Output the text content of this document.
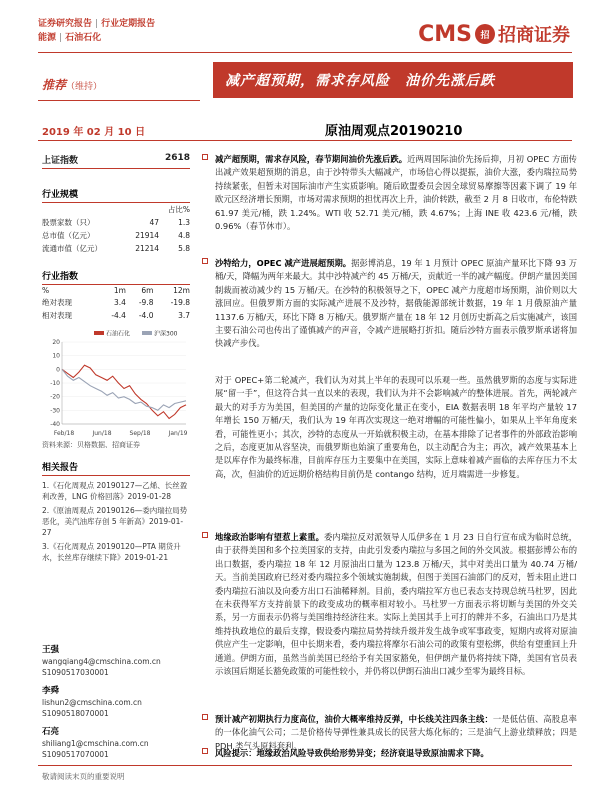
证券研究报告 | 行业定期报告
能源 | 石油石化	CMS 招 招商证券
推荐（维持）	减产超预期，需求存风险　油价先涨后跌
2019 年 02 月 10 日	原油周观点20190210
上证指数	2618
行业规模
		占比%
股票家数（只）	47	1.3
总市值（亿元）	21914	4.8
流通市值（亿元）	21214	5.8
行业指数
%	1m	6m	12m
绝对表现	3.4	-9.8	-19.8
相对表现	-4.4	-4.0	3.7
20
10
0
-10
-20
-30
-40
Feb/18	Jun/18	Sep/18	Jan/19
石油石化	沪深300
资料来源：贝格数据、招商证券
相关报告
1.《石化周观点 20190127—乙烯、长丝盈利改善，LNG 价格回落》2019-01-28
2.《原油周观点 20190126—委内瑞拉局势恶化，美汽油库存创 5 年新高》2019-01-27
3.《石化周观点 20190120—PTA 期货升水，长丝库存继续下降》2019-01-21
王强
wangqiang4@cmschina.com.cn
S1090517030001
李舜
lishun2@cmschina.com.cn
S1090518070001
石亮
shiliang1@cmschina.com.cn
S1090517070001
减产超预期，需求存风险，春节期间油价先涨后跌。近两周国际油价先扬后抑，月初 OPEC 方面传出减产效果超预期的消息，由于沙特带头大幅减产，市场信心得以提振，油价大涨，委内瑞拉局势持续紧张，但暂未对国际油市产生实质影响。随后欧盟委员会因全球贸易摩擦等因素下调了 19 年欧元区经济增长预期，市场对需求预期的担忧再次上升，油价转跌，截至 2 月 8 日收市，布伦特跌 61.97 美元/桶，跌 1.24%。WTI 收 52.71 美元/桶，跌 4.67%；上海 INE 收 423.6 元/桶，跌 0.96%（春节休市）。
沙特给力，OPEC 减产进展超预期。据彭博消息，19 年 1 月预计 OPEC 原油产量环比下降 93 万桶/天，降幅为两年来最大。其中沙特减产约 45 万桶/天，贡献近一半的减产幅度。伊朗产量因美国制裁而被动减少约 15 万桶/天。在沙特的积极领导之下，OPEC 减产力度超市场预期，油价则以大涨回应。但俄罗斯方面的实际减产进展不及沙特，据俄能源部统计数据，19 年 1 月俄原油产量 1137.6 万桶/天，环比下降 8 万桶/天。俄罗斯产量在 18 年 12 月创历史新高之后实施减产，该国主要石油公司也传出了谨慎减产的声音，令减产进展略打折扣。随后沙特方面表示俄罗斯承诺将加快减产步伐。
对于 OPEC+第二轮减产，我们认为对其上半年的表现可以乐观一些。虽然俄罗斯的态度与实际进展“留一手”，但这符合其一直以来的表现，我们认为并不会影响减产的整体进展。首先，两轮减产最大的对手方为美国，但美国的产量的边际变化量正在变小，EIA 数据表明 18 年平均产量较 17 年增长 150 万桶/天，我们认为 19 年再次实现这一绝对增幅的可能性偏小，如果从上半年角度来看，可能性更小；其次，沙特的态度从一开始就积极主动，在基本排除了记者事件的外部政治影响之后，态度更加从容坚决，而俄罗斯也始演了重要角色，以主动配合为主；再次，减产效果基本上是以库存作为最终标准，目前库存压力主要集中在美国，实际上意味着减产面临的去库存压力不太高，次，但油价的近远期价格结构目前仍是 contango 结构，近月端需进一步修复。
地缘政治影响有望惹上素重。委内瑞拉反对派领导人瓜伊多在 1 月 23 日自行宣布成为临时总统，由于获得美国和多个拉美国家的支持，由此引发委内瑞拉与多国之间的外交风波。根据彭博公布的出口数据，委内瑞拉 18 年 12 月原油出口量为 123.8 万桶/天，其中对美出口量为 40.74 万桶/天。当前美国政府已经对委内瑞拉多个领域实施制裁，但图于美国石油部门的反对，暂未阻止进口委内瑞拉石油以及向委方出口石油稀释剂。目前，委内瑞拉军方也已表态支持现总统马杜罗，因此在未获得军方支持前景下的政变成功的概率相对较小。马杜罗一方面表示将切断与美国的外交关系，另一方面表示仍将与美国维持经济往来。实际上美国其手上可打的牌并不多，石油出口乃是其维持执政地位的最后支撑，假设委内瑞拉局势持续升级并发生战争或军事政变，短期内或将对原油供应产生一定影响，但中长期来看，委内瑞拉将摩尔石油公司的政策有望松绑，供给有望重回上升通道。伊朗方面，虽然当前美国已经给予有关国家豁免，但伊朗产量仍将持续下降，美国有官员表示该国后期延长豁免政策的可能性较小，并仍将以伊朗石油出口减少至零为最终目标。
预计减产初期执行力度高位，油价大概率维持反弹，中长线关注四条主线：一是低估值、高股息率的一体化油气公司；二是价格传导弹性兼具成长的民营大炼化标的；三是油气上游业绩释放；四是 PDH 类气头原料套利。
风险提示：地缘政治风险导致供给形势异变；经济衰退导致原油需求下降。
敬请阅读末页的重要说明
